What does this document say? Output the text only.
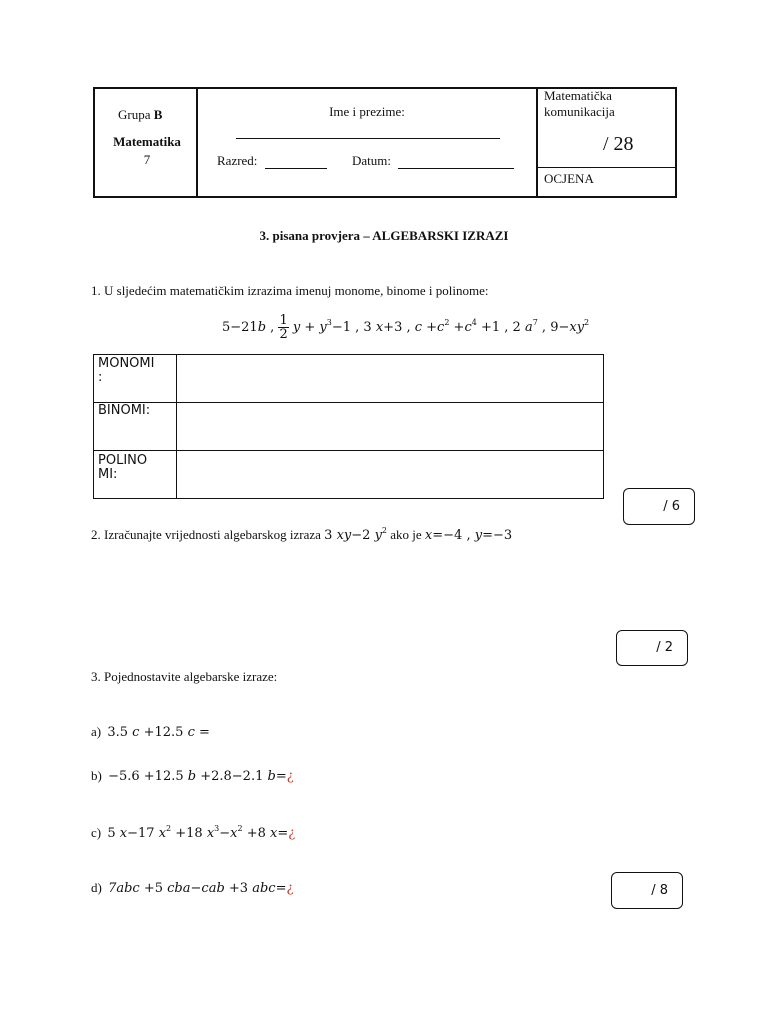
Grupa B
Matematika
7
Ime i prezime:
Razred:	Datum:
Matematička komunikacija
/ 28
OCJENA
3. pisana provjera – ALGEBARSKI IZRAZI
1. U sljedećim matematičkim izrazima imenuj monome, binome i polinome:
5−21b , $\frac{1}{2}$ $y + y^3-1$ , 3 x+3 , $c +c^2 +c^4 +1$ , 2 $a^7$ , $9-xy^2$
MONOMI
:
BINOMI:
POLINO
MI:
/ 6
2. Izračunajte vrijednosti algebarskog izraza 3 xy−2 $y^2$ ako je x=−4 , y=−3
/ 2
3. Pojednostavite algebarske izraze:
a) 3.5 c +12.5 c =
b) −5.6 +12.5 b +2.8−2.1 b=¿
c) 5 x−17 $x^2 +18$ $x^3-x^2 +8$ x=¿
d) 7abc +5 cba−cab +3 abc=¿	/ 8
